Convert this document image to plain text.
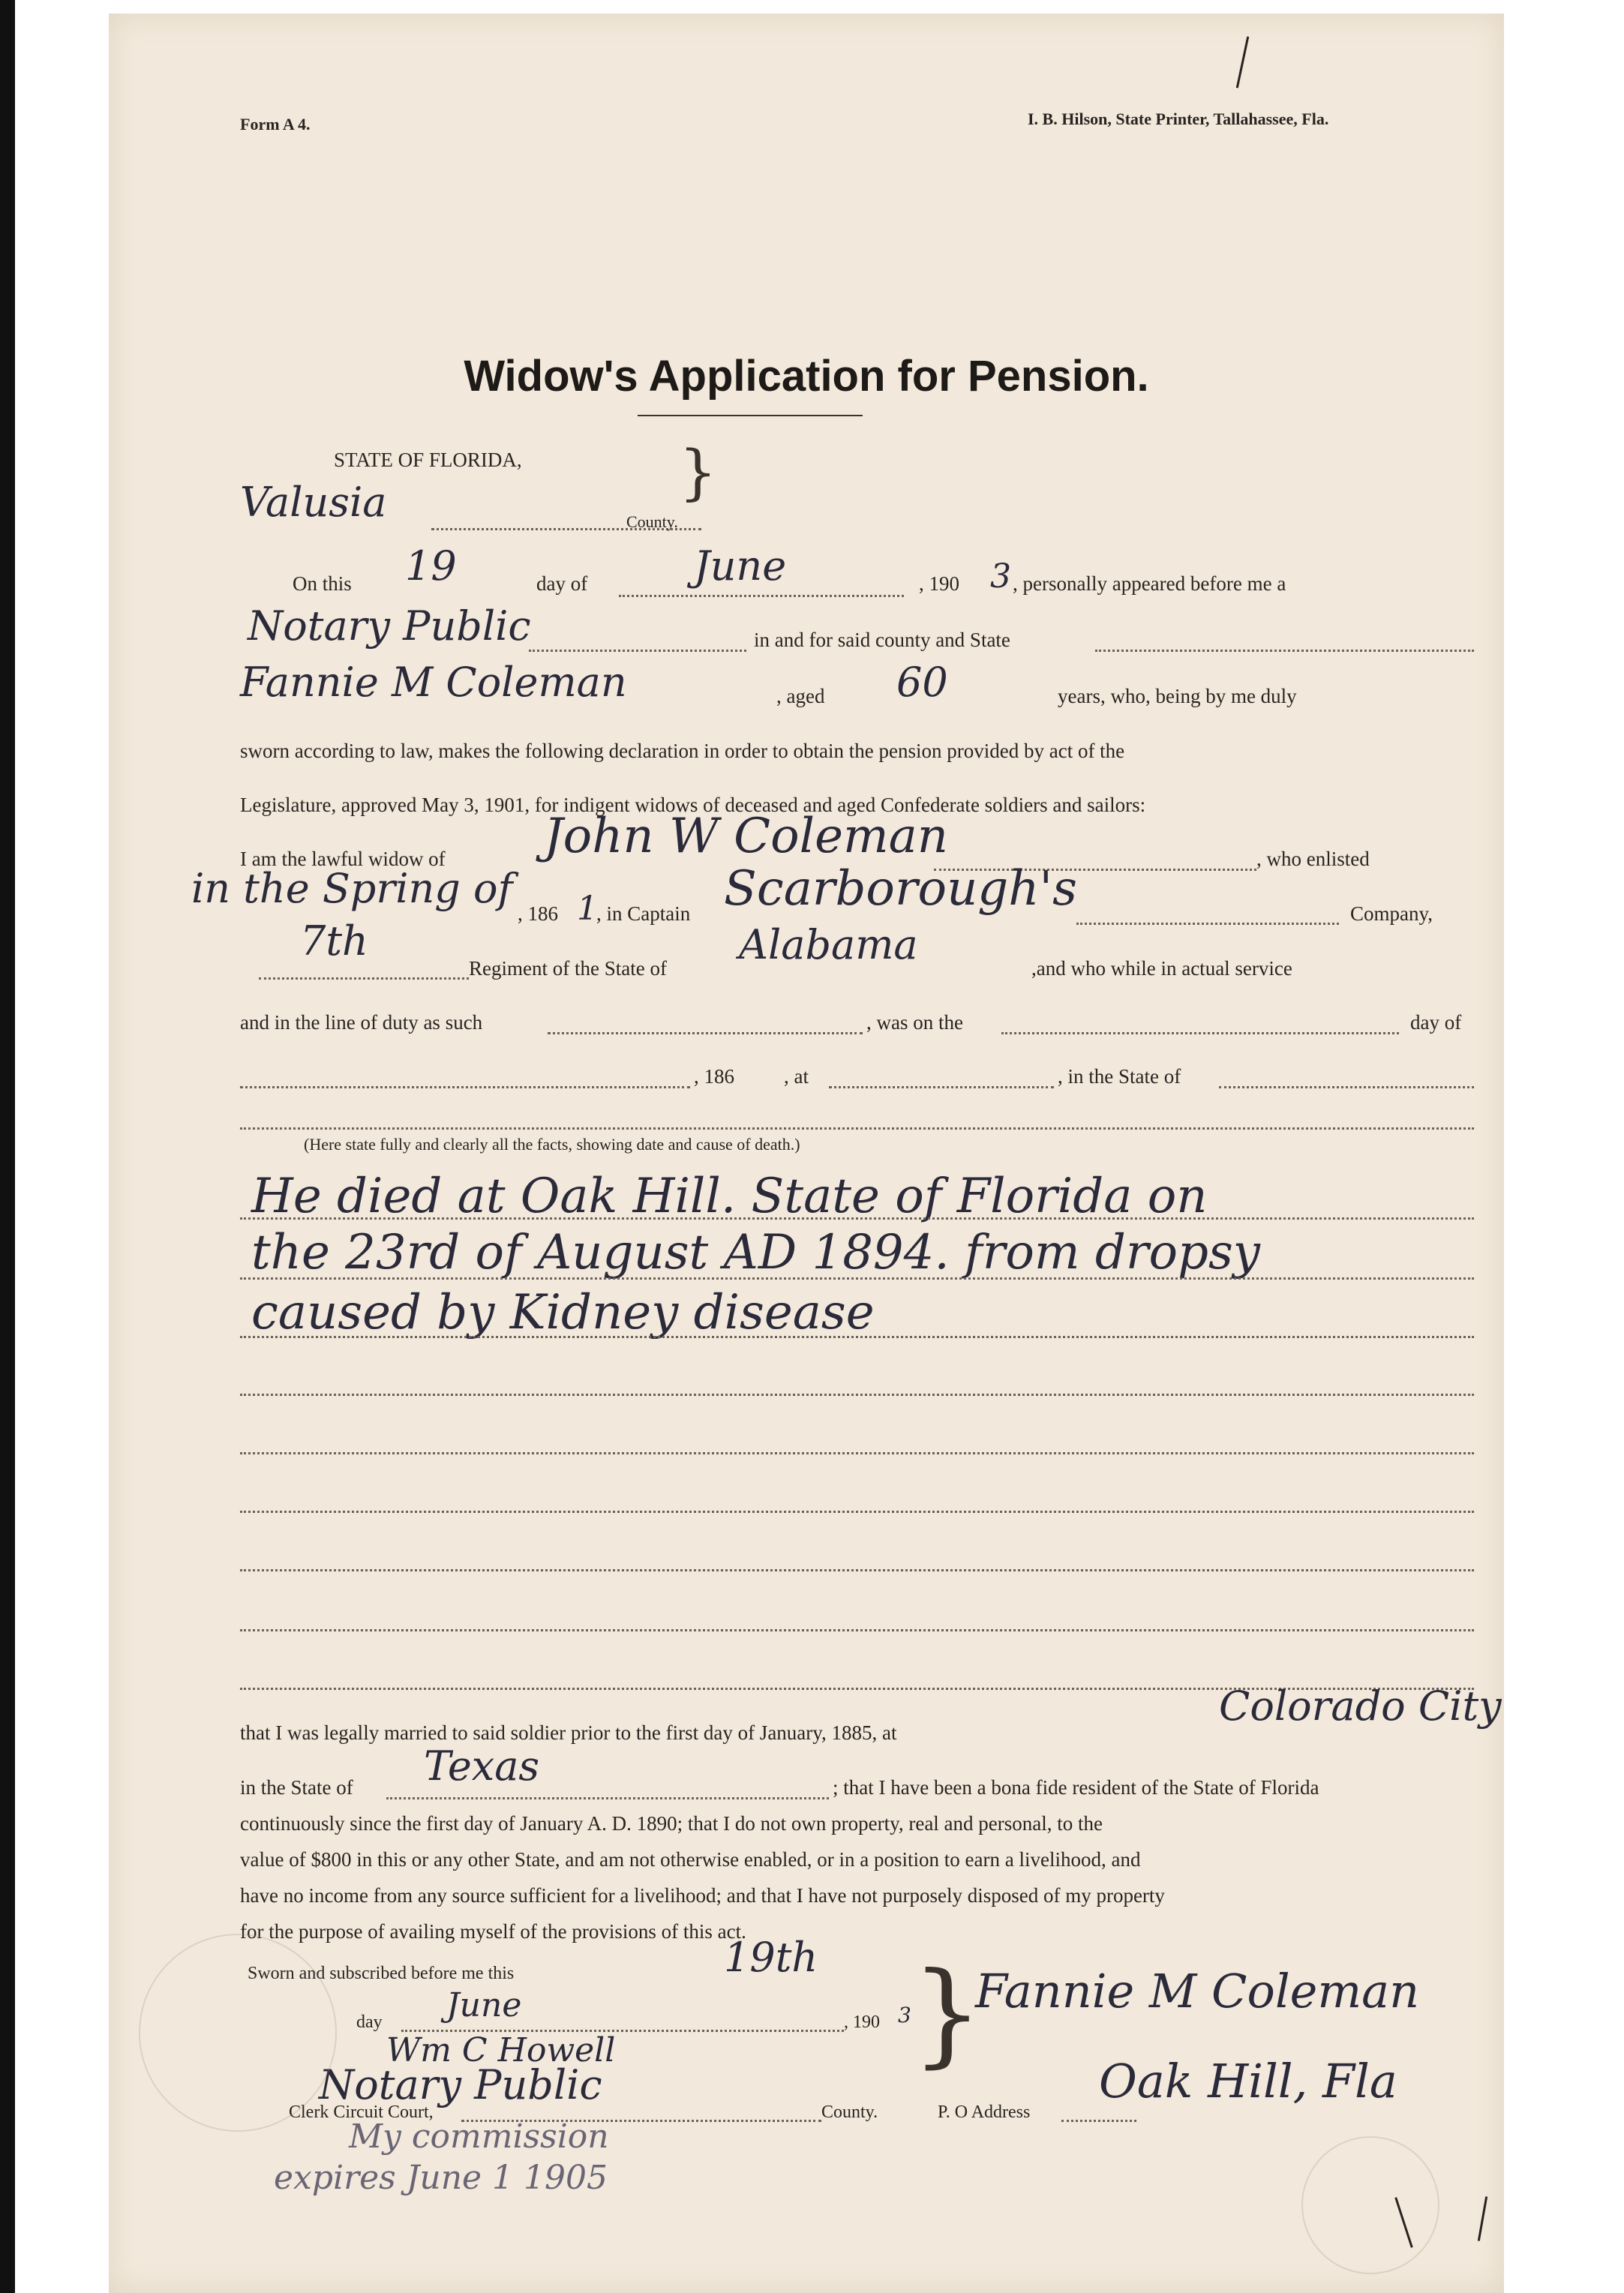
Form A 4.	I. B. Hilson, State Printer, Tallahassee, Fla.
Widow's Application for Pension.
STATE OF FLORIDA,	}
Valusia	County.
On this 19	day of	June	, 190 3 , personally appeared before me a
Notary Public	in and for said county and State
Fannie M Coleman	, aged 60	years, who, being by me duly
sworn according to law, makes the following declaration in order to obtain the pension provided by act of the
Legislature, approved May 3, 1901, for indigent widows of deceased and aged Confederate soldiers and sailors:
I am the lawful widow of John W Coleman	, who enlisted
in the Spring of
, 186 1
, in Captain Scarborough's	Company,
7th
Regiment of the State of Alabama	,and who while in actual service
and in the line of duty as such	, was on the	day of
, 186 , at	, in the State of
(Here state fully and clearly all the facts, showing date and cause of death.)
He died at Oak Hill. State of Florida on
the 23rd of August AD 1894. from dropsy
caused by Kidney disease
that I was legally married to said soldier prior to the first day of January, 1885, at
Colorado City
in the State of Texas	; that I have been a bona fide resident of the State of Florida
continuously since the first day of January A. D. 1890; that I do not own property, real and personal, to the
value of $800 in this or any other State, and am not otherwise enabled, or in a position to earn a livelihood, and
have no income from any source sufficient for a livelihood; and that I have not purposely disposed of my property
for the purpose of availing myself of the provisions of this act.
Sworn and subscribed before me this	19th
day June	, 190 3
Wm C Howell
Notary Public
Clerk Circuit Court,	County.
My commission
expires June 1 1905
}
Fannie M Coleman
P. O Address
Oak Hill, Fla
